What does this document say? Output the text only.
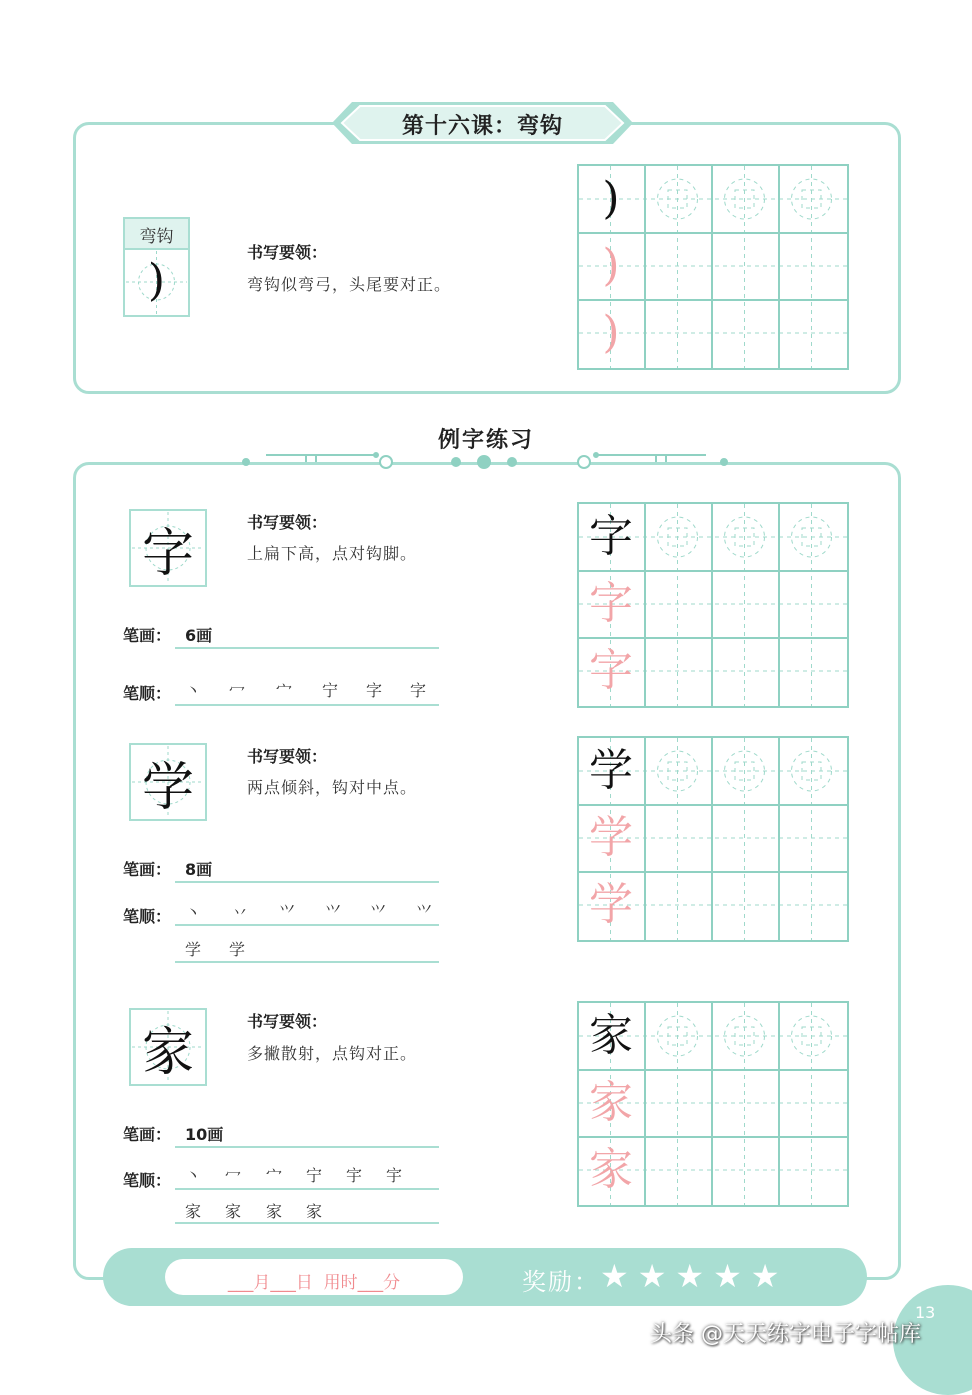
第十六课：弯钩
弯钩
)
书写要领：
弯钩似弯弓，头尾要对正。
)
)
)
例字练习
字
书写要领：
上扁下高，点对钩脚。
笔画： 6画
笔顺： 丶 冖 宀 宁 字 字
字
字
字
学
书写要领：
两点倾斜，钩对中点。
笔画： 8画
笔顺： 丶 丷 ⺍ ⺍ ⺍ ⺍
学 学
学
学
学
家
书写要领：
多撇散射，点钩对正。
笔画： 10画
笔顺： 丶 冖 宀 宁 宇 宇
家 家 家 家
家
家
家
___月___日  用时___分	奖励： ★ ★ ★ ★ ★
13
头条 @天天练字电子字帖库
